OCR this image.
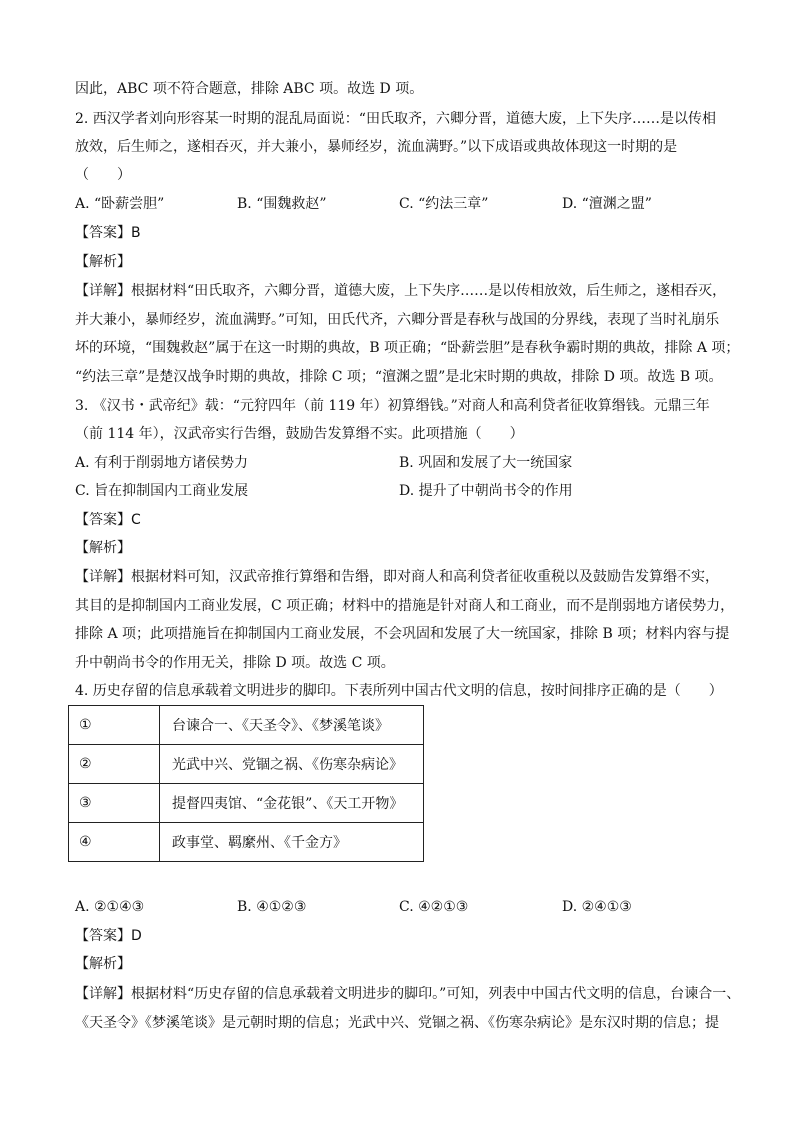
因此，ABC 项不符合题意，排除 ABC 项。故选 D 项。
2. 西汉学者刘向形容某一时期的混乱局面说：“田氏取齐，六卿分晋，道德大废，上下失序……是以传相
放效，后生师之，遂相吞灭，并大兼小，暴师经岁，流血满野。”以下成语或典故体现这一时期的是
（　　）
A. “卧薪尝胆”	B. “围魏救赵”	C. “约法三章”	D. “澶渊之盟”
【答案】B
【解析】
【详解】根据材料“田氏取齐，六卿分晋，道德大废，上下失序……是以传相放效，后生师之，遂相吞灭，
并大兼小，暴师经岁，流血满野。”可知，田氏代齐，六卿分晋是春秋与战国的分界线，表现了当时礼崩乐
坏的环境，“围魏救赵”属于在这一时期的典故，B 项正确；“卧薪尝胆”是春秋争霸时期的典故，排除 A 项；
“约法三章”是楚汉战争时期的典故，排除 C 项；“澶渊之盟”是北宋时期的典故，排除 D 项。故选 B 项。
3. 《汉书・武帝纪》载：“元狩四年（前 119 年）初算缗钱。”对商人和高利贷者征收算缗钱。元鼎三年
（前 114 年），汉武帝实行告缗，鼓励告发算缗不实。此项措施（　　）
A. 有利于削弱地方诸侯势力	B. 巩固和发展了大一统国家
C. 旨在抑制国内工商业发展	D. 提升了中朝尚书令的作用
【答案】C
【解析】
【详解】根据材料可知，汉武帝推行算缗和告缗，即对商人和高利贷者征收重税以及鼓励告发算缗不实，
其目的是抑制国内工商业发展，C 项正确；材料中的措施是针对商人和工商业，而不是削弱地方诸侯势力，
排除 A 项；此项措施旨在抑制国内工商业发展，不会巩固和发展了大一统国家，排除 B 项；材料内容与提
升中朝尚书令的作用无关，排除 D 项。故选 C 项。
4. 历史存留的信息承载着文明进步的脚印。下表所列中国古代文明的信息，按时间排序正确的是（　　）
①	台谏合一、《天圣令》、《梦溪笔谈》
②	光武中兴、党锢之祸、《伤寒杂病论》
③	提督四夷馆、“金花银”、《天工开物》
④	政事堂、羁縻州、《千金方》
A. ②①④③	B. ④①②③	C. ④②①③	D. ②④①③
【答案】D
【解析】
【详解】根据材料“历史存留的信息承载着文明进步的脚印。”可知，列表中中国古代文明的信息，台谏合一、
《天圣令》《梦溪笔谈》是元朝时期的信息；光武中兴、党锢之祸、《伤寒杂病论》是东汉时期的信息；提
